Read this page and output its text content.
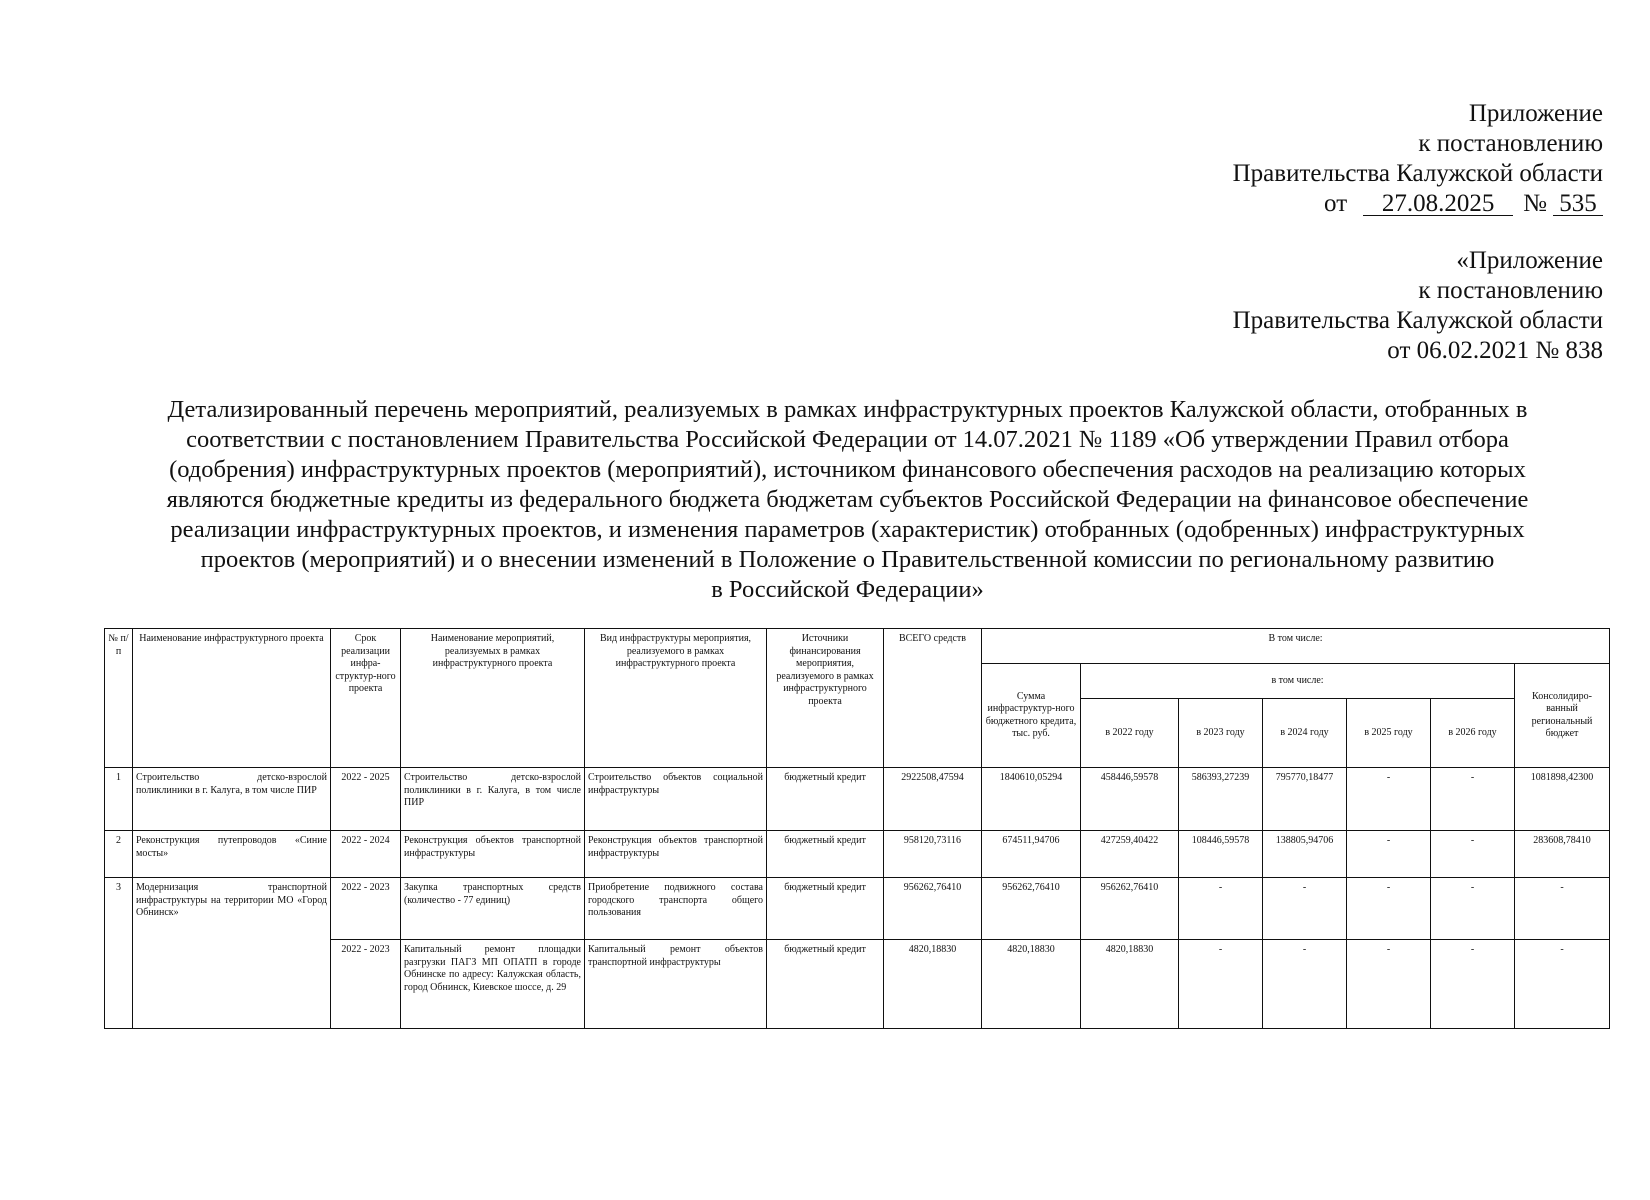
Приложение
к постановлению
Правительства Калужской области
от 27.08.2025 № 535
«Приложение
к постановлению
Правительства Калужской области
от 06.02.2021 № 838
Детализированный перечень мероприятий, реализуемых в рамках инфраструктурных проектов Калужской области, отобранных в
соответствии с постановлением Правительства Российской Федерации от 14.07.2021 № 1189 «Об утверждении Правил отбора
(одобрения) инфраструктурных проектов (мероприятий), источником финансового обеспечения расходов на реализацию которых
являются бюджетные кредиты из федерального бюджета бюджетам субъектов Российской Федерации на финансовое обеспечение
реализации инфраструктурных проектов, и изменения параметров (характеристик) отобранных (одобренных) инфраструктурных
проектов (мероприятий) и о внесении изменений в Положение о Правительственной комиссии по региональному развитию
в Российской Федерации»
№ п/п	Наименование инфраструктурного проекта	Срок реализации инфра-структур-ного проекта	Наименование мероприятий, реализуемых в рамках инфраструктурного проекта	Вид инфраструктуры мероприятия, реализуемого в рамках инфраструктурного проекта	Источники финансирования мероприятия, реализуемого в рамках инфраструктурного проекта	ВСЕГО средств	В том числе:						
							Сумма инфраструктур-ного бюджетного кредита, тыс. руб.	в том числе:					Консолидиро-ванный региональный бюджет
								в 2022 году	в 2023 году	в 2024 году	в 2025 году	в 2026 году	
1	Строительство детско-взрослой поликлиники в г. Калуга, в том числе ПИР	2022 - 2025	Строительство детско-взрослой поликлиники в г. Калуга, в том числе ПИР	Строительство объектов социальной инфраструктуры	бюджетный кредит	2922508,47594	1840610,05294	458446,59578	586393,27239	795770,18477	-	-	1081898,42300
2	Реконструкция путепроводов «Синие мосты»	2022 - 2024	Реконструкция объектов транспортной инфраструктуры	Реконструкция объектов транспортной инфраструктуры	бюджетный кредит	958120,73116	674511,94706	427259,40422	108446,59578	138805,94706	-	-	283608,78410
3	Модернизация транспортной инфраструктуры на территории МО «Город Обнинск»	2022 - 2023	Закупка транспортных средств (количество - 77 единиц)	Приобретение подвижного состава городского транспорта общего пользования	бюджетный кредит	956262,76410	956262,76410	956262,76410	-	-	-	-	-
		2022 - 2023	Капитальный ремонт площадки разгрузки ПАГЗ МП ОПАТП в городе Обнинске по адресу: Калужская область, город Обнинск, Киевское шоссе, д. 29	Капитальный ремонт объектов транспортной инфраструктуры	бюджетный кредит	4820,18830	4820,18830	4820,18830	-	-	-	-	-
